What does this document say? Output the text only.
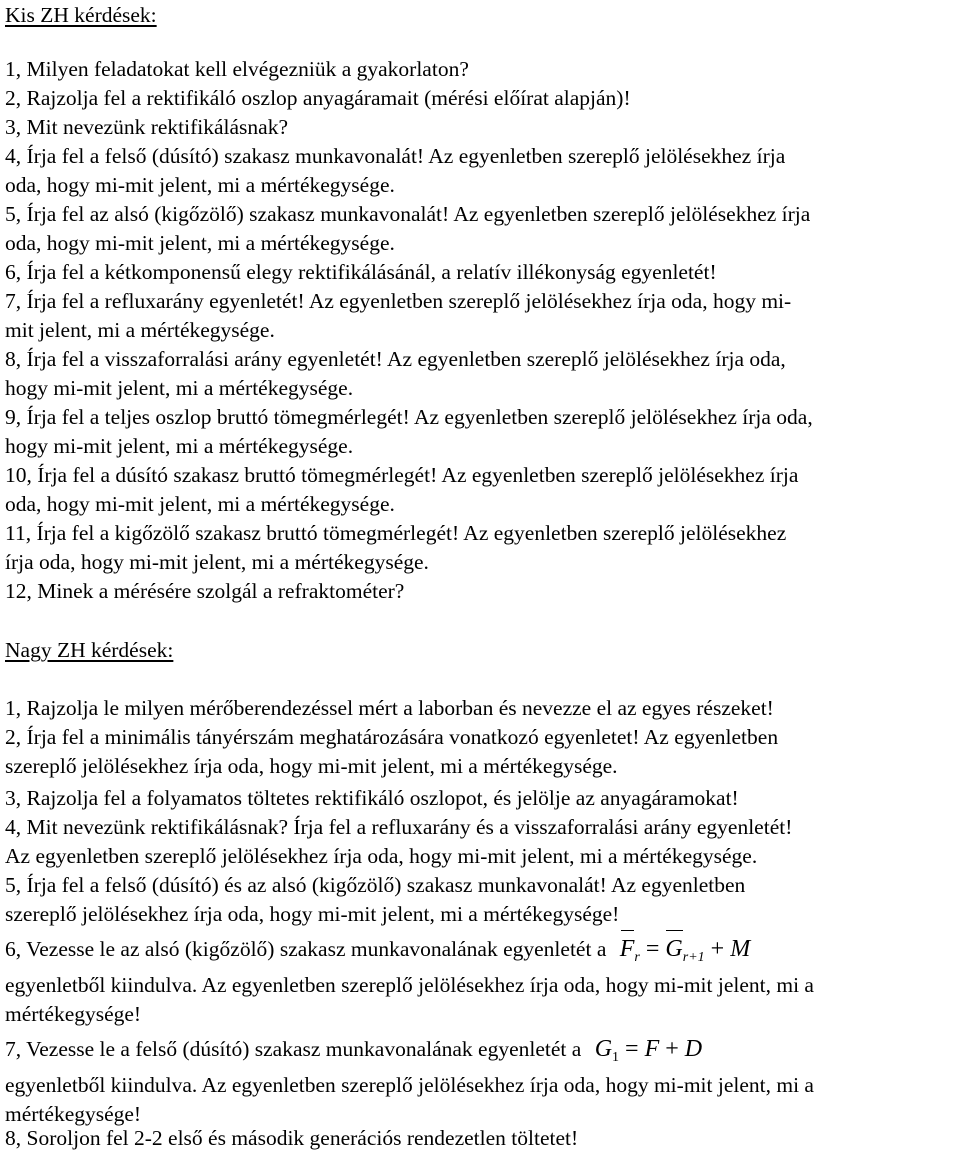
Kis ZH kérdések:
1, Milyen feladatokat kell elvégezniük a gyakorlaton?
2, Rajzolja fel a rektifikáló oszlop anyagáramait (mérési előírat alapján)!
3, Mit nevezünk rektifikálásnak?
4, Írja fel a felső (dúsító) szakasz munkavonalát! Az egyenletben szereplő jelölésekhez írja
oda, hogy mi-mit jelent, mi a mértékegysége.
5, Írja fel az alsó (kigőzölő) szakasz munkavonalát! Az egyenletben szereplő jelölésekhez írja
oda, hogy mi-mit jelent, mi a mértékegysége.
6, Írja fel a kétkomponensű elegy rektifikálásánál, a relatív illékonyság egyenletét!
7, Írja fel a refluxarány egyenletét! Az egyenletben szereplő jelölésekhez írja oda, hogy mi-
mit jelent, mi a mértékegysége.
8, Írja fel a visszaforralási arány egyenletét! Az egyenletben szereplő jelölésekhez írja oda,
hogy mi-mit jelent, mi a mértékegysége.
9, Írja fel a teljes oszlop bruttó tömegmérlegét! Az egyenletben szereplő jelölésekhez írja oda,
hogy mi-mit jelent, mi a mértékegysége.
10, Írja fel a dúsító szakasz bruttó tömegmérlegét! Az egyenletben szereplő jelölésekhez írja
oda, hogy mi-mit jelent, mi a mértékegysége.
11, Írja fel a kigőzölő szakasz bruttó tömegmérlegét! Az egyenletben szereplő jelölésekhez
írja oda, hogy mi-mit jelent, mi a mértékegysége.
12, Minek a mérésére szolgál a refraktométer?
Nagy ZH kérdések:
1, Rajzolja le milyen mérőberendezéssel mért a laborban és nevezze el az egyes részeket!
2, Írja fel a minimális tányérszám meghatározására vonatkozó egyenletet! Az egyenletben
szereplő jelölésekhez írja oda, hogy mi-mit jelent, mi a mértékegysége.
3, Rajzolja fel a folyamatos töltetes rektifikáló oszlopot, és jelölje az anyagáramokat!
4, Mit nevezünk rektifikálásnak? Írja fel a refluxarány és a visszaforralási arány egyenletét!
Az egyenletben szereplő jelölésekhez írja oda, hogy mi-mit jelent, mi a mértékegysége.
5, Írja fel a felső (dúsító) és az alsó (kigőzölő) szakasz munkavonalát! Az egyenletben
szereplő jelölésekhez írja oda, hogy mi-mit jelent, mi a mértékegysége!
6, Vezesse le az alsó (kigőzölő) szakasz munkavonalának egyenletét a $F_r = G_{r+1} + M$
egyenletből kiindulva. Az egyenletben szereplő jelölésekhez írja oda, hogy mi-mit jelent, mi a
mértékegysége!
7, Vezesse le a felső (dúsító) szakasz munkavonalának egyenletét a $G_1 = F + D$
egyenletből kiindulva. Az egyenletben szereplő jelölésekhez írja oda, hogy mi-mit jelent, mi a
mértékegysége!
8, Soroljon fel 2-2 első és második generációs rendezetlen töltetet!
